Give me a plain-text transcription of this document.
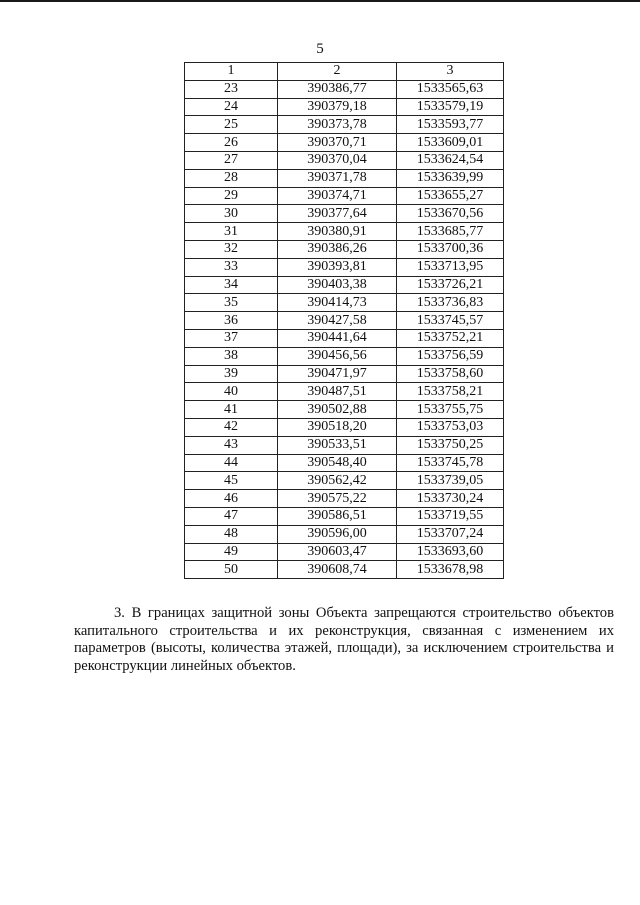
5
1	2	3
23	390386,77	1533565,63
24	390379,18	1533579,19
25	390373,78	1533593,77
26	390370,71	1533609,01
27	390370,04	1533624,54
28	390371,78	1533639,99
29	390374,71	1533655,27
30	390377,64	1533670,56
31	390380,91	1533685,77
32	390386,26	1533700,36
33	390393,81	1533713,95
34	390403,38	1533726,21
35	390414,73	1533736,83
36	390427,58	1533745,57
37	390441,64	1533752,21
38	390456,56	1533756,59
39	390471,97	1533758,60
40	390487,51	1533758,21
41	390502,88	1533755,75
42	390518,20	1533753,03
43	390533,51	1533750,25
44	390548,40	1533745,78
45	390562,42	1533739,05
46	390575,22	1533730,24
47	390586,51	1533719,55
48	390596,00	1533707,24
49	390603,47	1533693,60
50	390608,74	1533678,98

3. В границах защитной зоны Объекта запрещаются строительство объектов капитального строительства и их реконструкция, связанная с изменением их параметров (высоты, количества этажей, площади), за исключением строительства и реконструкции линейных объектов.
